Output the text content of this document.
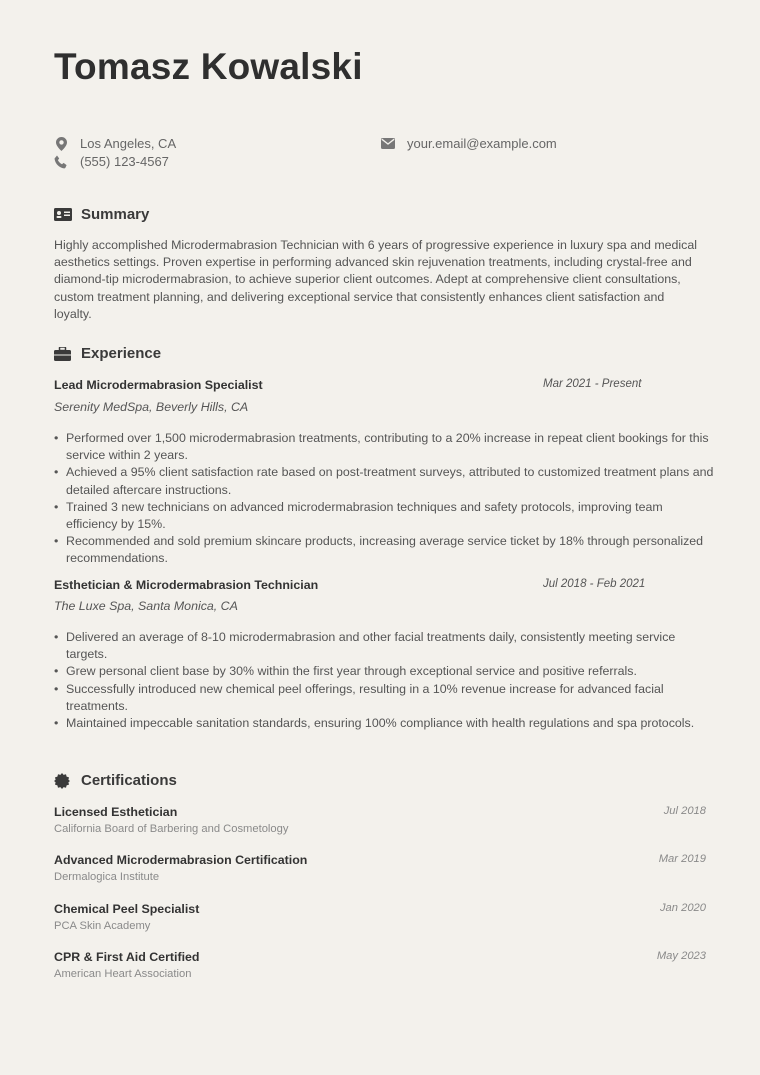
Tomasz Kowalski
Los Angeles, CA
(555) 123-4567
your.email@example.com
Summary

Highly accomplished Microdermabrasion Technician with 6 years of progressive experience in luxury spa and medical aesthetics settings. Proven expertise in performing advanced skin rejuvenation treatments, including crystal-free and diamond-tip microdermabrasion, to achieve superior client outcomes. Adept at comprehensive client consultations, custom treatment planning, and delivering exceptional service that consistently enhances client satisfaction and loyalty.

Experience
Lead Microdermabrasion Specialist	Mar 2021 - Present
Serenity MedSpa, Beverly Hills, CA
• Performed over 1,500 microdermabrasion treatments, contributing to a 20% increase in repeat client bookings for this service within 2 years.
• Achieved a 95% client satisfaction rate based on post-treatment surveys, attributed to customized treatment plans and detailed aftercare instructions.
• Trained 3 new technicians on advanced microdermabrasion techniques and safety protocols, improving team efficiency by 15%.
• Recommended and sold premium skincare products, increasing average service ticket by 18% through personalized recommendations.
Esthetician & Microdermabrasion Technician	Jul 2018 - Feb 2021
The Luxe Spa, Santa Monica, CA
• Delivered an average of 8-10 microdermabrasion and other facial treatments daily, consistently meeting service targets.
• Grew personal client base by 30% within the first year through exceptional service and positive referrals.
• Successfully introduced new chemical peel offerings, resulting in a 10% revenue increase for advanced facial treatments.
• Maintained impeccable sanitation standards, ensuring 100% compliance with health regulations and spa protocols.
Certifications
Licensed Esthetician
California Board of Barbering and Cosmetology
Jul 2018
Advanced Microdermabrasion Certification
Dermalogica Institute
Mar 2019
Chemical Peel Specialist
PCA Skin Academy
Jan 2020
CPR & First Aid Certified
American Heart Association
May 2023
